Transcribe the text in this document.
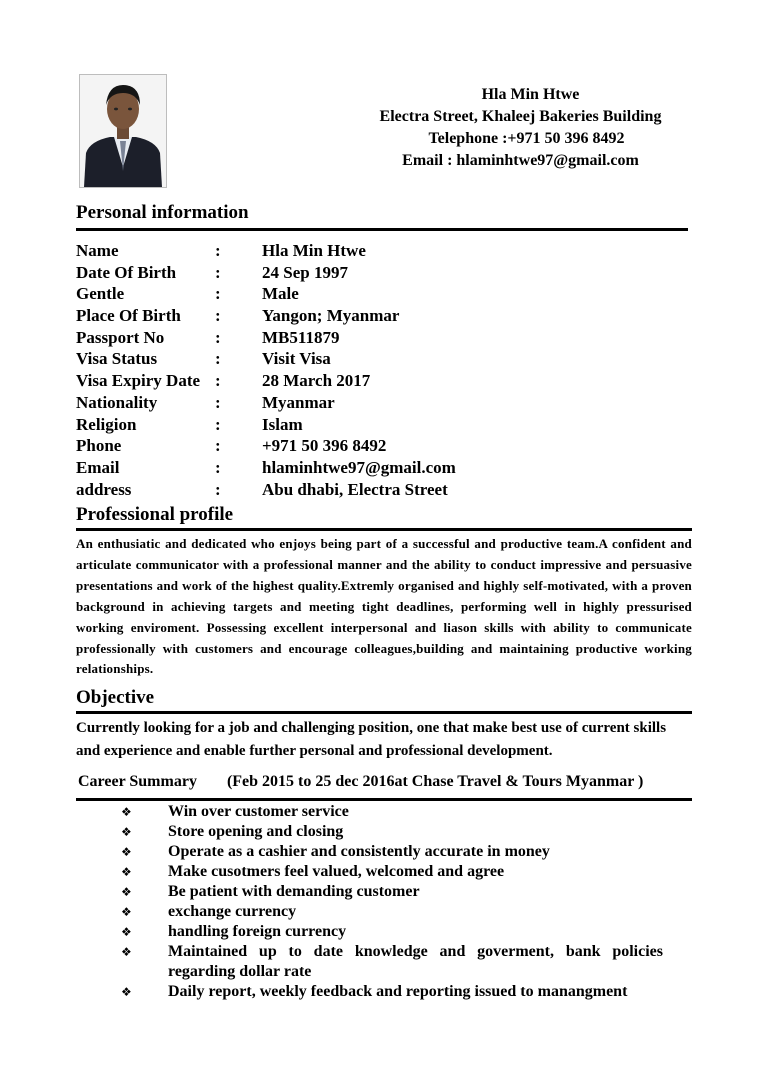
Hla Min Htwe
Electra Street, Khaleej Bakeries Building
Telephone :+971 50 396 8492
Email : hlaminhtwe97@gmail.com
Personal information
Name	: Hla Min Htwe
Date Of Birth : 24 Sep 1997
Gentle	: Male
Place Of Birth : Yangon; Myanmar
Passport No	: MB511879
Visa Status	: Visit Visa
Visa Expiry Date : 28 March 2017
Nationality	: Myanmar
Religion	: Islam
Phone	: +971 50 396 8492
Email	: hlaminhtwe97@gmail.com
address	: Abu dhabi, Electra Street
Professional profile
An enthusiatic and dedicated who enjoys being part of a successful and productive team.A confident and articulate communicator with a professional manner and the ability to conduct impressive and persuasive presentations and work of the highest quality.Extremly organised and highly self-motivated, with a proven background in achieving targets and meeting tight deadlines, performing well in highly pressurised working enviroment. Possessing excellent interpersonal and liason skills with ability to communicate professionally with customers and encourage colleagues,building and maintaining productive working relationships.
Objective
Currently looking for a job and challenging position, one that make best use of current skills and experience and enable further personal and professional development.
Career Summary (Feb 2015 to 25 dec 2016at Chase Travel & Tours Myanmar )
❖ Win over customer service
❖ Store opening and closing
❖ Operate as a cashier and consistently accurate in money
❖ Make cusotmers feel valued, welcomed and agree
❖ Be patient with demanding customer
❖ exchange currency
❖ handling foreign currency
❖ Maintained up to date knowledge and goverment, bank policies regarding dollar rate
❖ Daily report, weekly feedback and reporting issued to manangment
